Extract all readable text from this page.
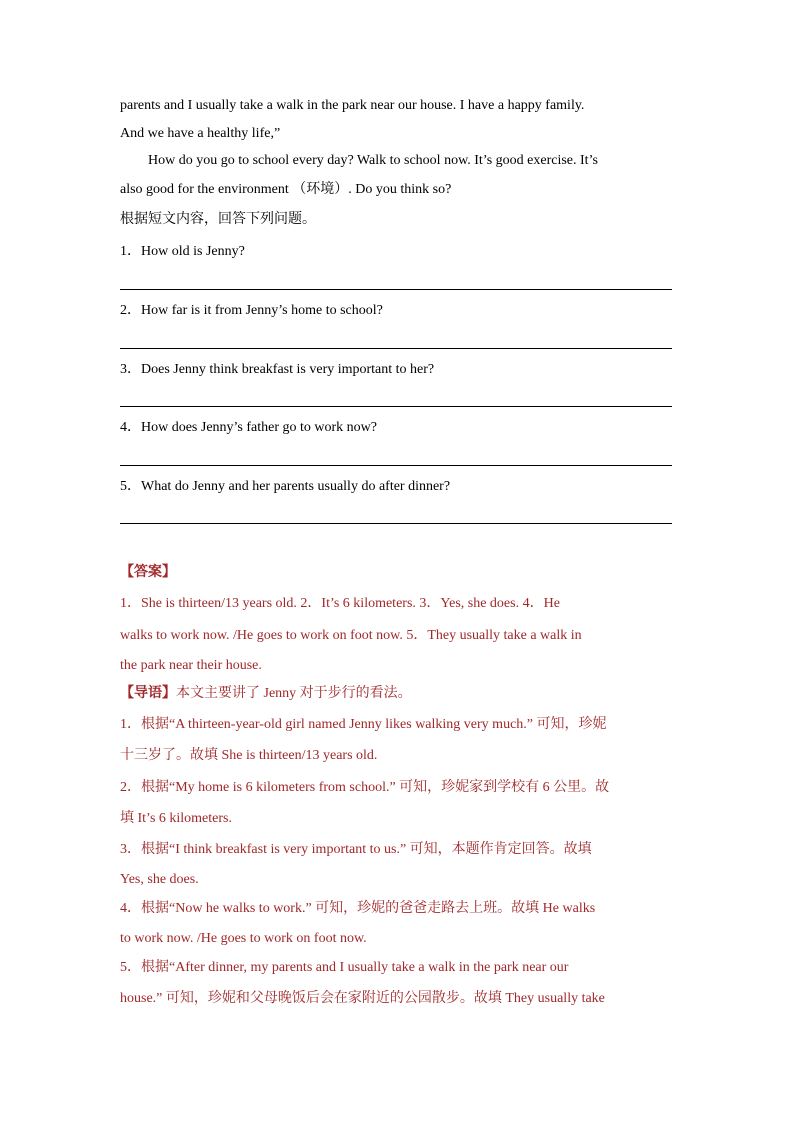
parents and I usually take a walk in the park near our house. I have a happy family.
And we have a healthy life,”
How do you go to school every day? Walk to school now. It’s good exercise. It’s
also good for the environment （环境）. Do you think so?
根据短文内容，回答下列问题。
1．How old is Jenny?
2．How far is it from Jenny’s home to school?
3．Does Jenny think breakfast is very important to her?
4．How does Jenny’s father go to work now?
5．What do Jenny and her parents usually do after dinner?
【答案】
1．She is thirteen/13 years old. 2．It’s 6 kilometers. 3．Yes, she does. 4．He
walks to work now. /He goes to work on foot now. 5．They usually take a walk in
the park near their house.
【导语】本文主要讲了 Jenny 对于步行的看法。
1．根据“A thirteen-year-old girl named Jenny likes walking very much.” 可知，珍妮
十三岁了。故填 She is thirteen/13 years old.
2．根据“My home is 6 kilometers from school.” 可知，珍妮家到学校有 6 公里。故
填 It’s 6 kilometers.
3．根据“I think breakfast is very important to us.” 可知，本题作肯定回答。故填
Yes, she does.
4．根据“Now he walks to work.” 可知，珍妮的爸爸走路去上班。故填 He walks
to work now. /He goes to work on foot now.
5．根据“After dinner, my parents and I usually take a walk in the park near our
house.” 可知，珍妮和父母晚饭后会在家附近的公园散步。故填 They usually take
